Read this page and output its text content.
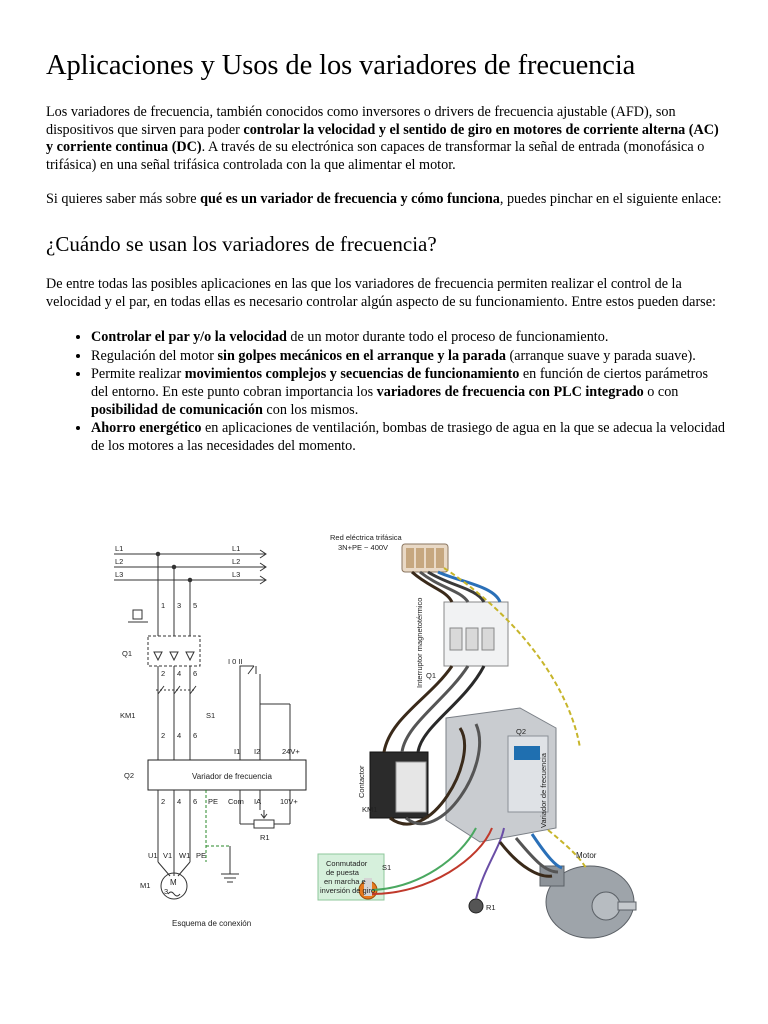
Aplicaciones y Usos de los variadores de frecuencia

Los variadores de frecuencia, también conocidos como inversores o drivers de frecuencia ajustable (AFD), son dispositivos que sirven para poder controlar la velocidad y el sentido de giro en motores de corriente alterna (AC) y corriente continua (DC). A través de su electrónica son capaces de transformar la señal de entrada (monofásica o trifásica) en una señal trifásica controlada con la que alimentar el motor.

Si quieres saber más sobre qué es un variador de frecuencia y cómo funciona, puedes pinchar en el siguiente enlace:

¿Cuándo se usan los variadores de frecuencia?

De entre todas las posibles aplicaciones en las que los variadores de frecuencia permiten realizar el control de la velocidad y el par, en todas ellas es necesario controlar algún aspecto de su funcionamiento. Entre estos pueden darse:

• Controlar el par y/o la velocidad de un motor durante todo el proceso de funcionamiento.
• Regulación del motor sin golpes mecánicos en el arranque y la parada (arranque suave y parada suave).
• Permite realizar movimientos complejos y secuencias de funcionamiento en función de ciertos parámetros del entorno. En este punto cobran importancia los variadores de frecuencia con PLC integrado o con posibilidad de comunicación con los mismos.
• Ahorro energético en aplicaciones de ventilación, bombas de trasiego de agua en la que se adecua la velocidad de los motores a las necesidades del momento.
L1
L2
L3
L1
L2
L3
1 3 5
Q1
2 4 6
KM1
2 4 6
S1
I 0 II
I1 I2	24V+
Q2	Variador de frecuencia
2 4 6 PE Com IA	10V+
R1
U1 V1 W1 PE
M1 M
3
Esquema de conexión
Red eléctrica trifásica
3N+PE ~ 400V
Interruptor magnetotérmico Q1
Contactor
KM1
Q2
Variador de frecuencia
Conmutador
de puesta
en marcha e
inversión de giro
S1
R1
Motor
